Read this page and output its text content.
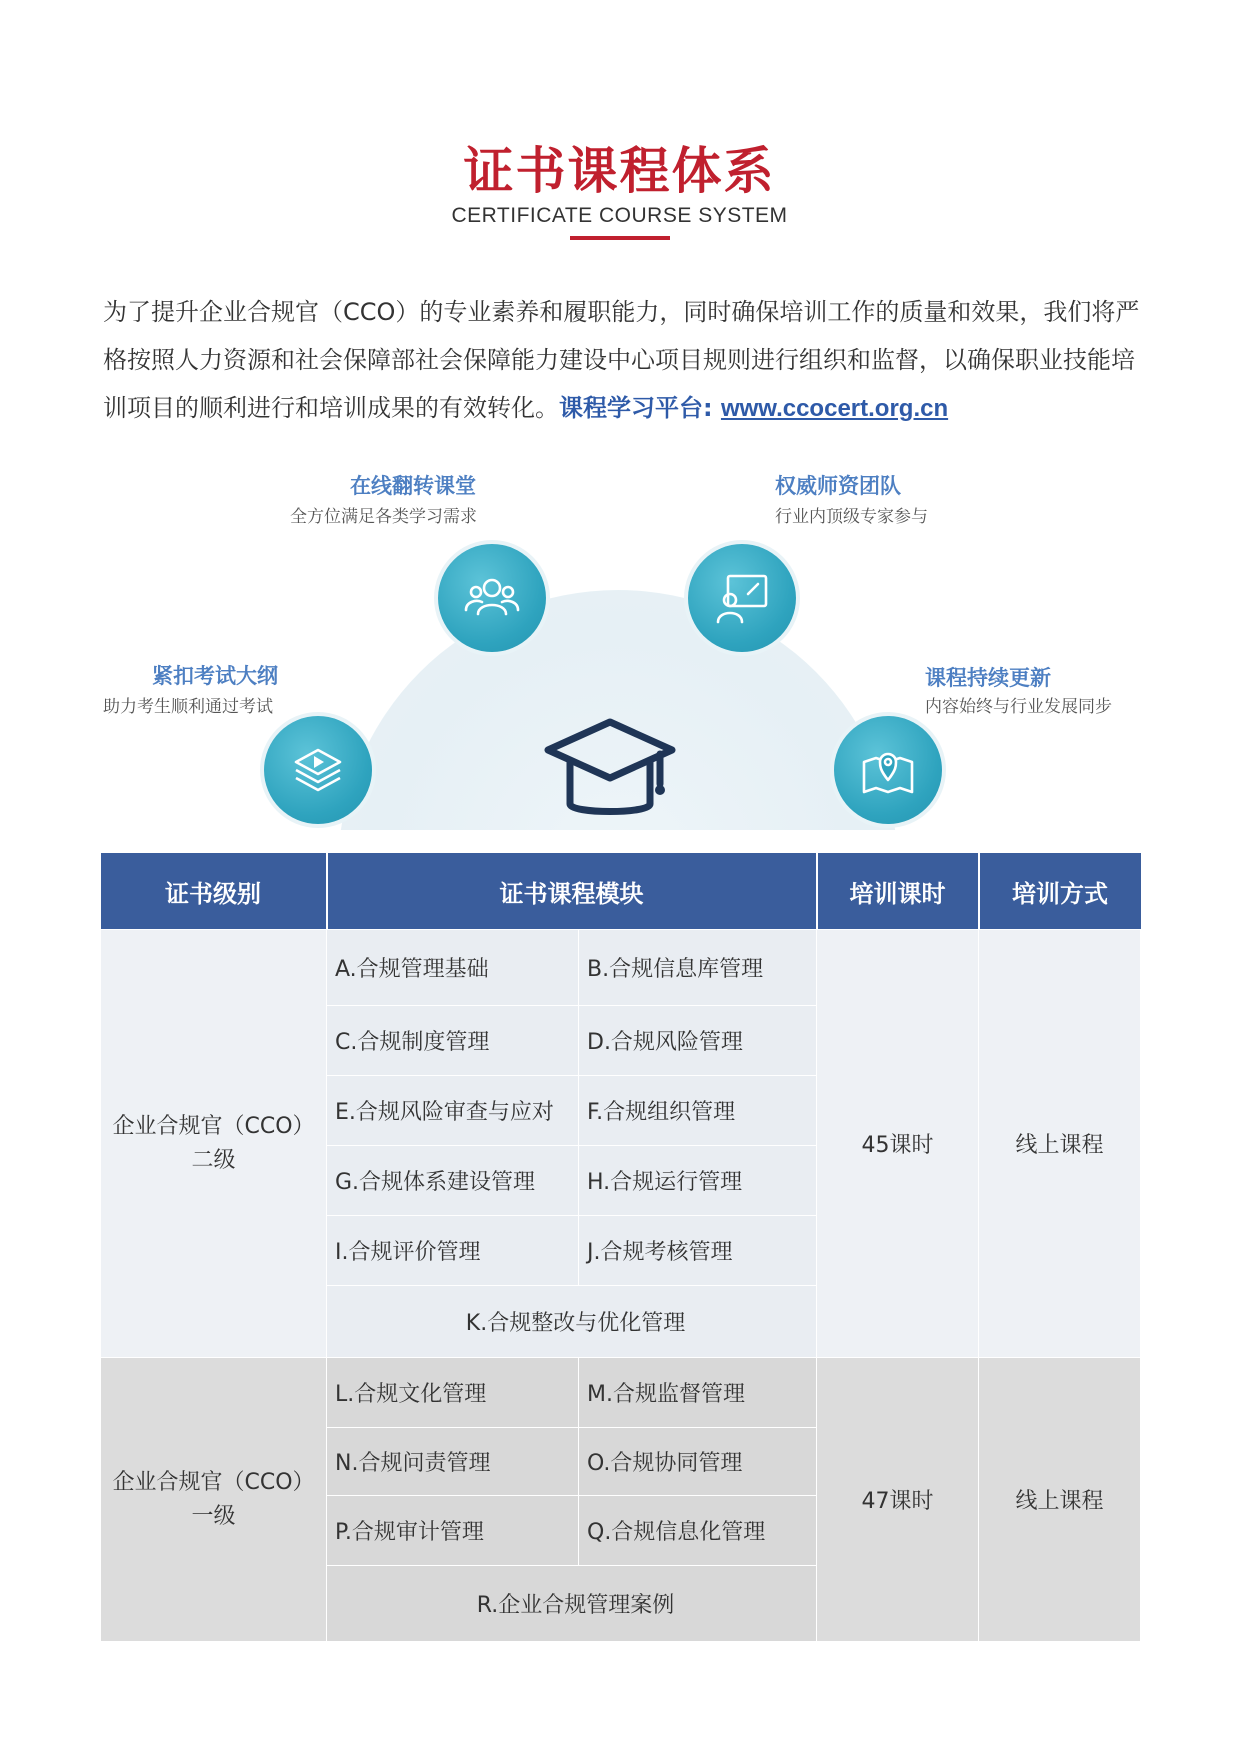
证书课程体系
CERTIFICATE COURSE SYSTEM
为了提升企业合规官（CCO）的专业素养和履职能力，同时确保培训工作的质量和效果，我们将严格按照人力资源和社会保障部社会保障能力建设中心项目规则进行组织和监督，以确保职业技能培训项目的顺利进行和培训成果的有效转化。课程学习平台: www.ccocert.org.cn
在线翻转课堂
全方位满足各类学习需求
权威师资团队
行业内顶级专家参与
紧扣考试大纲
助力考生顺利通过考试
课程持续更新
内容始终与行业发展同步
证书级别	证书课程模块		培训课时	培训方式

企业合规官（CCO）
二级	A.合规管理基础	B.合规信息库管理	45课时	线上课程
	C.合规制度管理	D.合规风险管理		
	E.合规风险审查与应对	F.合规组织管理		
	G.合规体系建设管理	H.合规运行管理		
	I.合规评价管理	J.合规考核管理		
	K.合规整改与优化管理			

企业合规官（CCO）
一级	L.合规文化管理	M.合规监督管理	47课时	线上课程
	N.合规问责管理	O.合规协同管理		
	P.合规审计管理	Q.合规信息化管理		
	R.企业合规管理案例			
